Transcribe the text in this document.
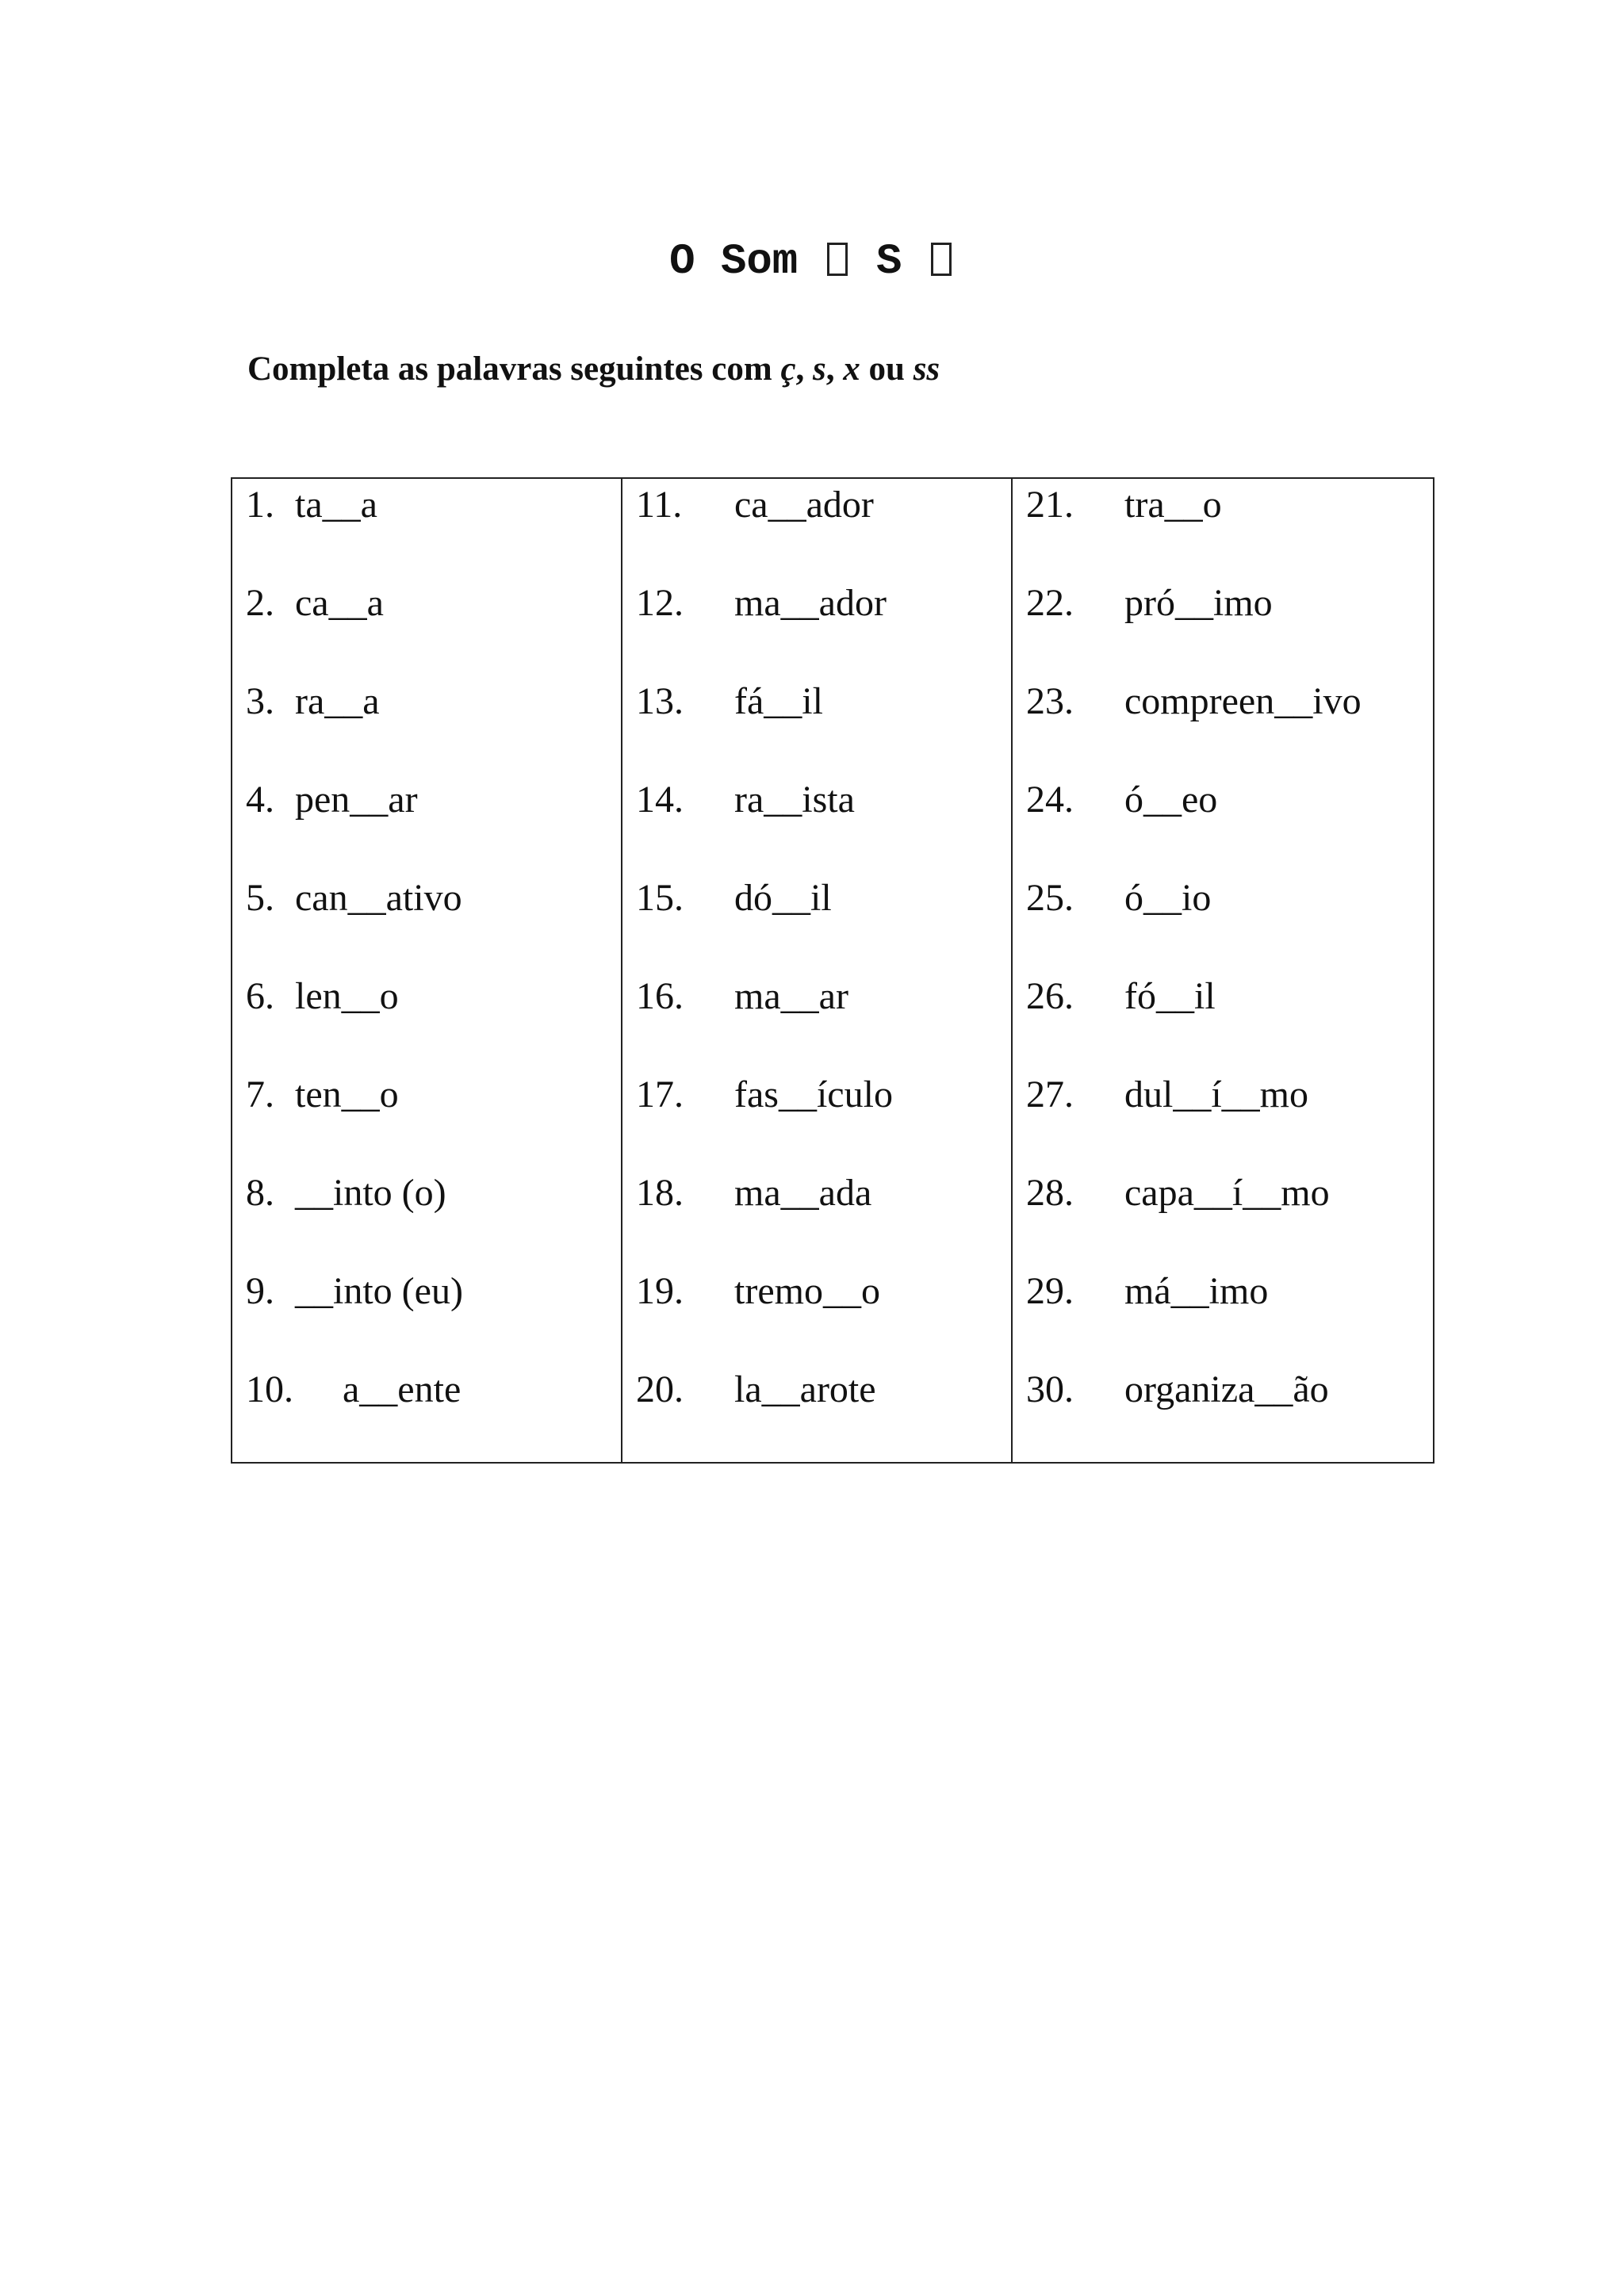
O Som  S

Completa as palavras seguintes com ç, s, x ou ss

1. ta__a
2. ca__a
3. ra__a
4. pen__ar
5. can__ativo
6. len__o
7. ten__o
8. __into (o)
9. __into (eu)
10.	a__ente

11.	ca__ador
12.	ma__ador
13.	fá__il
14.	ra__ista
15.	dó__il
16.	ma__ar
17.	fas__ículo
18.	ma__ada
19.	tremo__o
20.	la__arote

21.	tra__o
22.	pró__imo
23.	compreen__ivo
24.	ó__eo
25.	ó__io
26.	fó__il
27.	dul__í__mo
28.	capa__í__mo
29.	má__imo
30.	organiza__ão
